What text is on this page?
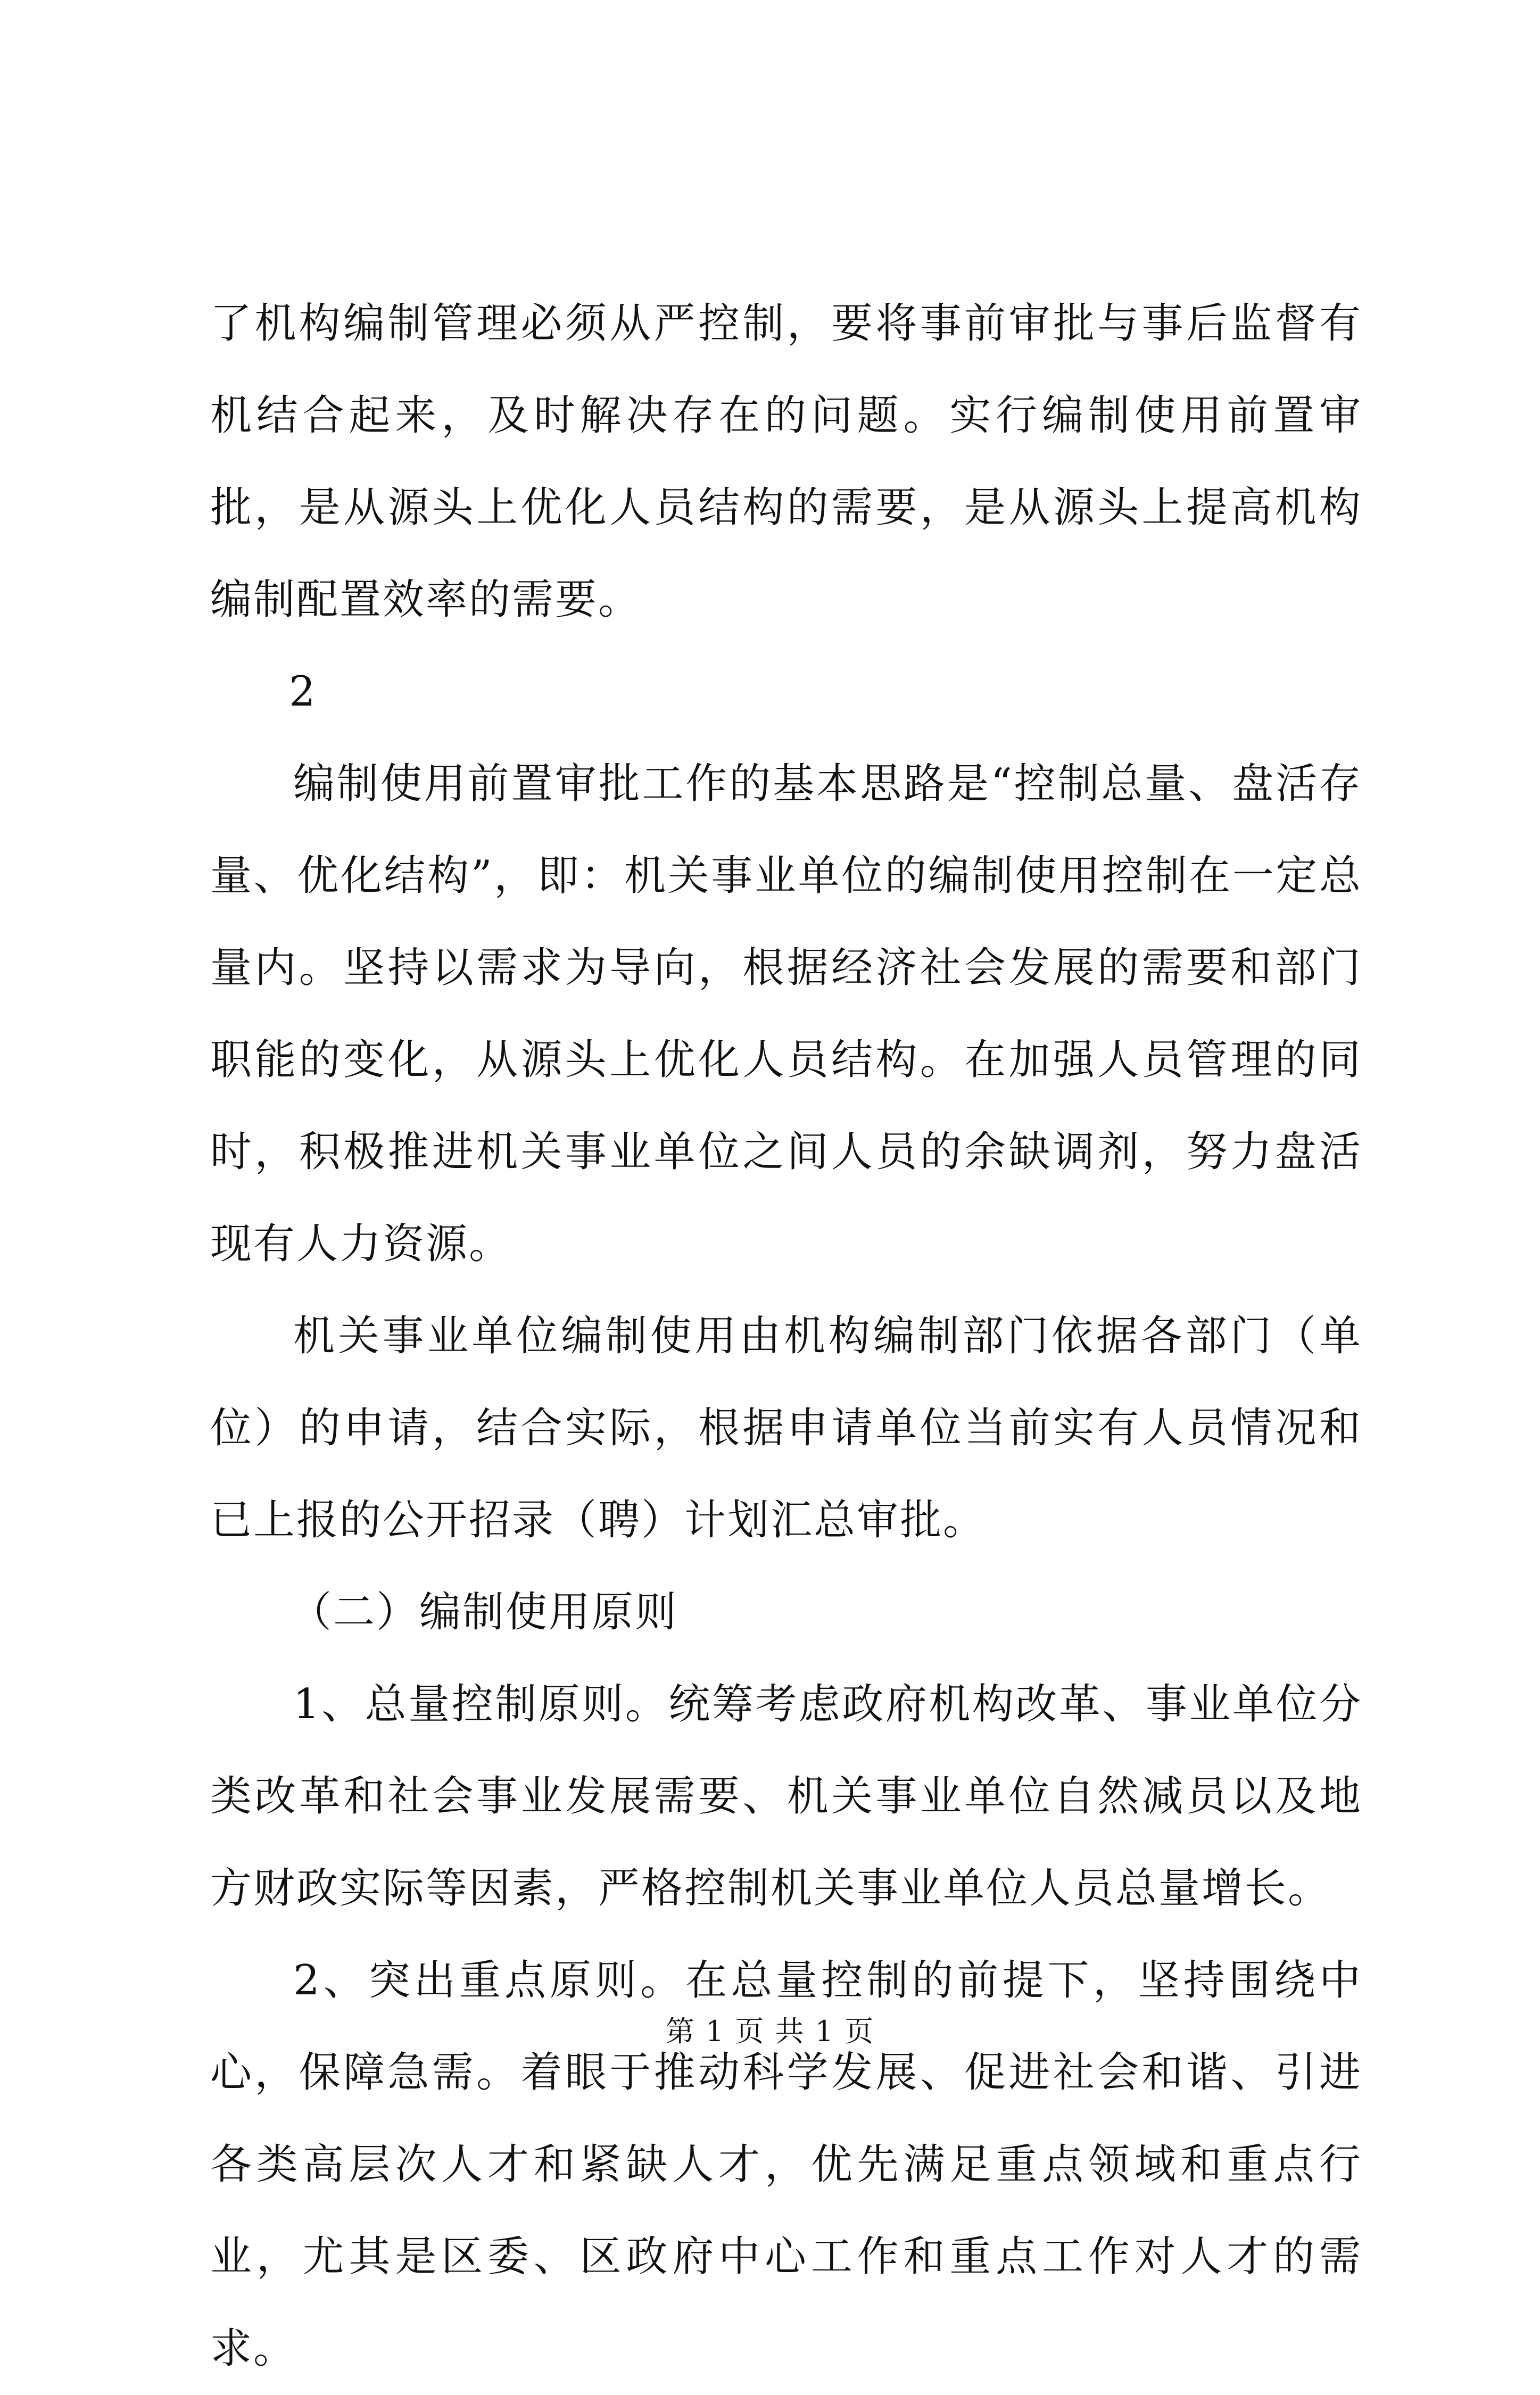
了机构编制管理必须从严控制，要将事前审批与事后监督有机结合起来，及时解决存在的问题。实行编制使用前置审批，是从源头上优化人员结构的需要，是从源头上提高机构编制配置效率的需要。

2

编制使用前置审批工作的基本思路是“控制总量、盘活存量、优化结构”，即：机关事业单位的编制使用控制在一定总量内。坚持以需求为导向，根据经济社会发展的需要和部门职能的变化，从源头上优化人员结构。在加强人员管理的同时，积极推进机关事业单位之间人员的余缺调剂，努力盘活现有人力资源。

机关事业单位编制使用由机构编制部门依据各部门（单位）的申请，结合实际，根据申请单位当前实有人员情况和已上报的公开招录（聘）计划汇总审批。

（二）编制使用原则

1、总量控制原则。统筹考虑政府机构改革、事业单位分类改革和社会事业发展需要、机关事业单位自然减员以及地方财政实际等因素，严格控制机关事业单位人员总量增长。

2、突出重点原则。在总量控制的前提下，坚持围绕中心，保障急需。着眼于推动科学发展、促进社会和谐、引进各类高层次人才和紧缺人才，优先满足重点领域和重点行业，尤其是区委、区政府中心工作和重点工作对人才的需求。

第 1 页 共 1 页
